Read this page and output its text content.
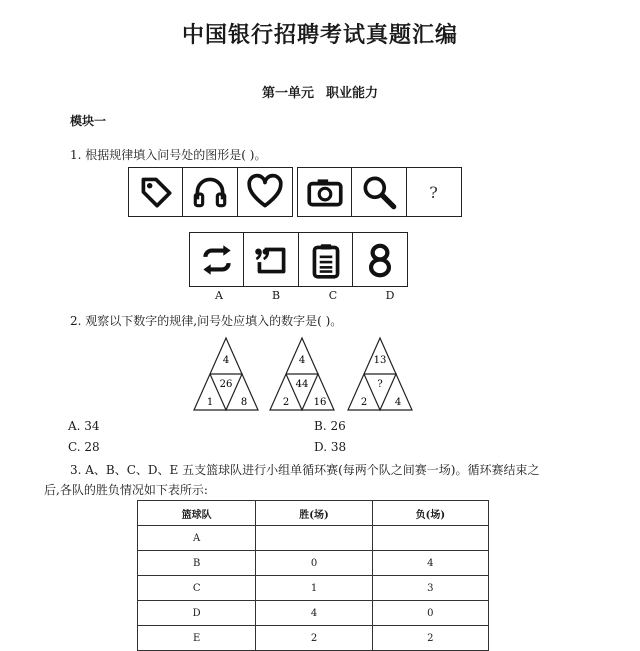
中国银行招聘考试真题汇编
第一单元 职业能力
模块一
1. 根据规律填入问号处的图形是( )。
?
A	B	C	D
2. 观察以下数字的规律,问号处应填入的数字是( )。
4
26
1	8
4
44
2 16
13
?
2	4
A. 34	B. 26
C. 28	D. 38
3. A、B、C、D、E 五支篮球队进行小组单循环赛(每两个队之间赛一场)。循环赛结束之
后,各队的胜负情况如下表所示:
篮球队	胜(场)	负(场)
A		
B	0	4
C	1	3
D	4	0
E	2	2
